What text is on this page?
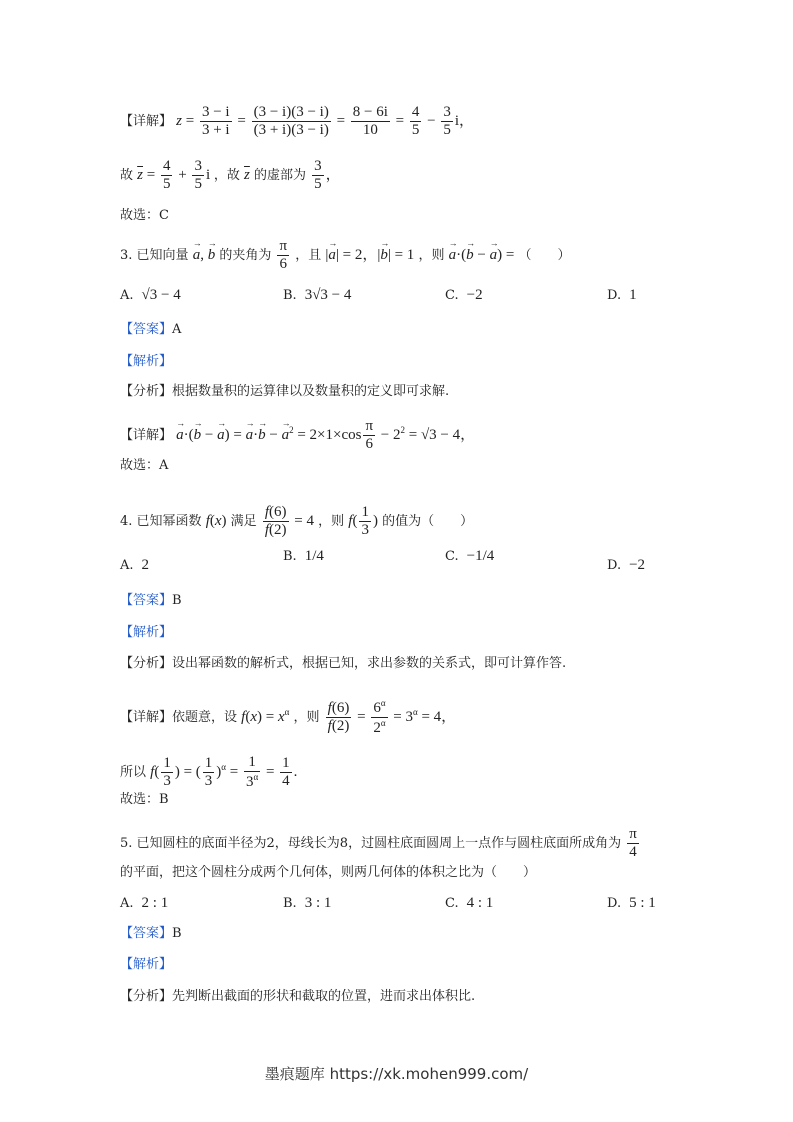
【详解】 $z = \frac{3 - i}{3 + i} = \frac{(3 - i)(3 - i)}{(3 + i)(3 - i)} = \frac{8 - 6i}{10} = \frac{4}{5} - \frac{3}{5}$ i，
故 $\overline{z} = \frac{4}{5} + \frac{3}{5}$ i ，故 $\overline{z}$ 的虚部为 $\frac{3}{5}$ ，
故选：C
3. 已知向量 → a, → b 的夹角为 $\frac{\pi}{6}$ ，且 |→ a| = 2，|→ b| = 1 ，则 → a·(→ b − → a) = （　　）
A. √3 − 4	B. 3√3 − 4	C. −2	D. 1
【答案】A
【解析】
【分析】根据数量积的运算律以及数量积的定义即可求解.
【详解】 → a·(→ b − → a) = → a·→ b − → $a^2 = 2\times 1\times\cos \frac{\pi}{6} - 2^2 = √3 - 4$，
故选：A
4. 已知幂函数 f(x) 满足 $\frac{f(6)}{f(2)} = 4$ ，则 $f( \frac{1}{3}$ ) 的值为（　　）
A. 2
B. 1/4	C. −1/4
D. −2
【答案】B
【解析】
【分析】设出幂函数的解析式，根据已知，求出参数的关系式，即可计算作答.
【详解】依题意，设 $f(x) = x^\alpha$ ，则 $\frac{f(6)}{f(2)} = \frac{6^\alpha}{2^\alpha} = 3^\alpha = 4$，
所以 $f( \frac{1}{3}$ ) = ( $\frac{1}{3} )^\alpha = \frac{1}{3^\alpha} = \frac{1}{4}$ .
故选：B
5. 已知圆柱的底面半径为2，母线长为8，过圆柱底面圆周上一点作与圆柱底面所成角为 $\frac{\pi}{4}$
的平面，把这个圆柱分成两个几何体，则两几何体的体积之比为（　　）
A. 2 : 1	B. 3 : 1	C. 4 : 1	D. 5 : 1
【答案】B
【解析】
【分析】先判断出截面的形状和截取的位置，进而求出体积比.
墨痕题库 https://xk.mohen999.com/
